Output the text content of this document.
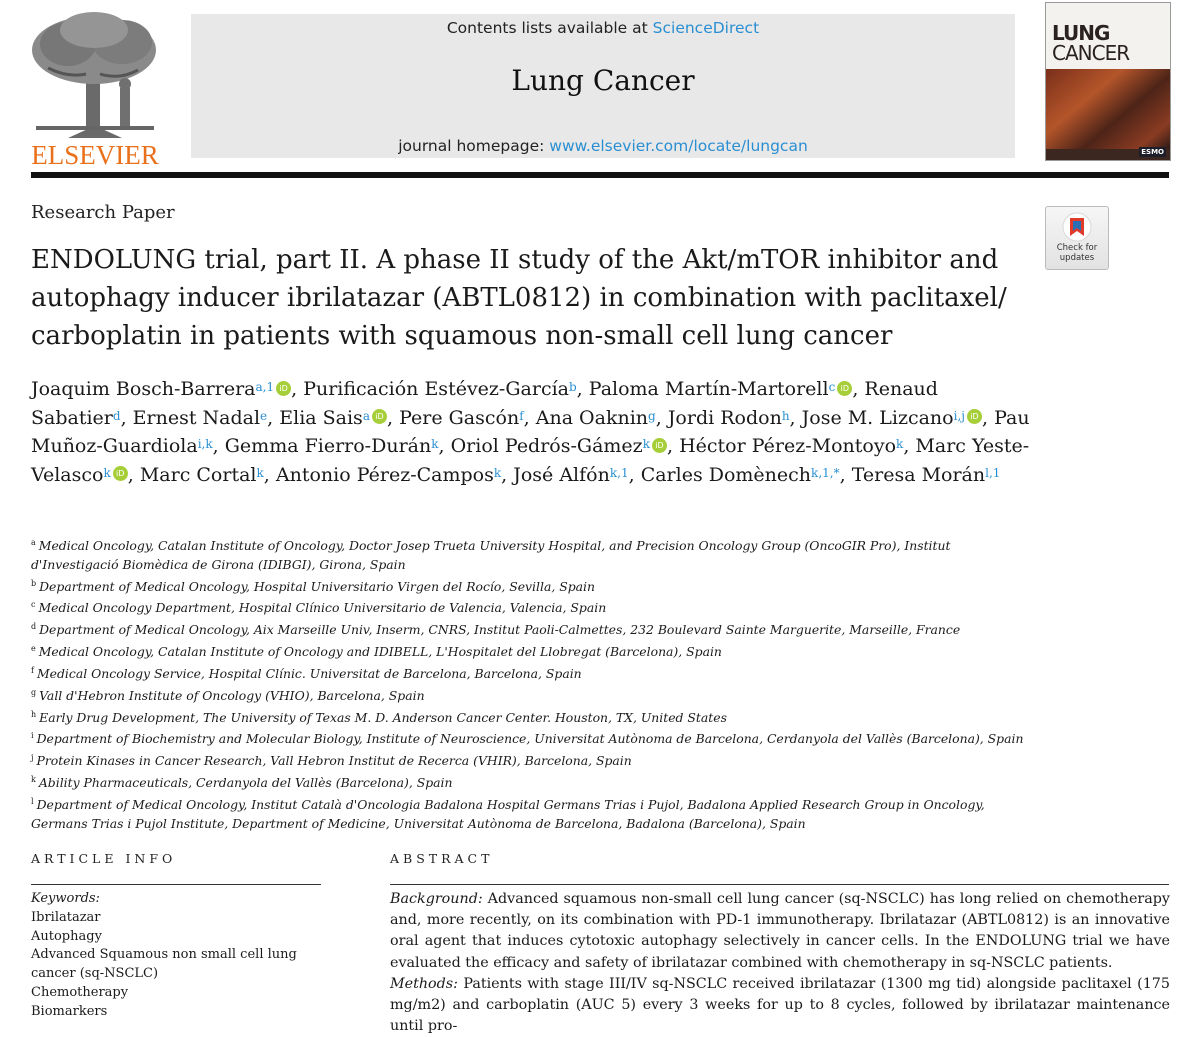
ELSEVIER
Contents lists available at ScienceDirect
Lung Cancer
journal homepage: www.elsevier.com/locate/lungcan
LUNG
CANCER
ESMO
Research Paper
Check for updates
ENDOLUNG trial, part II. A phase II study of the Akt/mTOR inhibitor and autophagy inducer ibrilatazar (ABTL0812) in combination with paclitaxel/ carboplatin in patients with squamous non-small cell lung cancer
Joaquim Bosch-Barrera$^{a,1}$ iD , Purificación Estévez-García$^b$, Paloma Martín-Martorell$^c$ iD , Renaud Sabatier$^d$, Ernest Nadal$^e$, Elia Sais$^a$ iD , Pere Gascón$^f$, Ana Oaknin$^g$, Jordi Rodon$^h$, Jose M. Lizcano$^{i,j}$ iD , Pau Muñoz-Guardiola$^{i,k}$, Gemma Fierro-Durán$^k$, Oriol Pedrós-Gámez$^k$ iD , Héctor Pérez-Montoyo$^k$, Marc Yeste-Velasco$^k$ iD , Marc Cortal$^k$, Antonio Pérez-Campos$^k$, José Alfón$^{k,1}$, Carles Domènech$^{k,1,*}$, Teresa Morán$^{l,1}$
$^a$ Medical Oncology, Catalan Institute of Oncology, Doctor Josep Trueta University Hospital, and Precision Oncology Group (OncoGIR Pro), Institut d'Investigació Biomèdica de Girona (IDIBGI), Girona, Spain
$^b$ Department of Medical Oncology, Hospital Universitario Virgen del Rocío, Sevilla, Spain
$^c$ Medical Oncology Department, Hospital Clínico Universitario de Valencia, Valencia, Spain
$^d$ Department of Medical Oncology, Aix Marseille Univ, Inserm, CNRS, Institut Paoli-Calmettes, 232 Boulevard Sainte Marguerite, Marseille, France
$^e$ Medical Oncology, Catalan Institute of Oncology and IDIBELL, L'Hospitalet del Llobregat (Barcelona), Spain
$^f$ Medical Oncology Service, Hospital Clínic. Universitat de Barcelona, Barcelona, Spain
$^g$ Vall d'Hebron Institute of Oncology (VHIO), Barcelona, Spain
$^h$ Early Drug Development, The University of Texas M. D. Anderson Cancer Center. Houston, TX, United States
$^i$ Department of Biochemistry and Molecular Biology, Institute of Neuroscience, Universitat Autònoma de Barcelona, Cerdanyola del Vallès (Barcelona), Spain
$^j$ Protein Kinases in Cancer Research, Vall Hebron Institut de Recerca (VHIR), Barcelona, Spain
$^k$ Ability Pharmaceuticals, Cerdanyola del Vallès (Barcelona), Spain
$^l$ Department of Medical Oncology, Institut Català d'Oncologia Badalona Hospital Germans Trias i Pujol, Badalona Applied Research Group in Oncology, Germans Trias i Pujol Institute, Department of Medicine, Universitat Autònoma de Barcelona, Badalona (Barcelona), Spain
ARTICLE INFO
Keywords:
Ibrilatazar
Autophagy
Advanced Squamous non small cell lung cancer (sq-NSCLC)
Chemotherapy
Biomarkers
ABSTRACT

Background: Advanced squamous non-small cell lung cancer (sq-NSCLC) has long relied on chemotherapy and, more recently, on its combination with PD-1 immunotherapy. Ibrilatazar (ABTL0812) is an innovative oral agent that induces cytotoxic autophagy selectively in cancer cells. In the ENDOLUNG trial we have evaluated the efficacy and safety of ibrilatazar combined with chemotherapy in sq-NSCLC patients.

Methods: Patients with stage III/IV sq-NSCLC received ibrilatazar (1300 mg tid) alongside paclitaxel (175 mg/m2) and carboplatin (AUC 5) every 3 weeks for up to 8 cycles, followed by ibrilatazar maintenance until pro-
